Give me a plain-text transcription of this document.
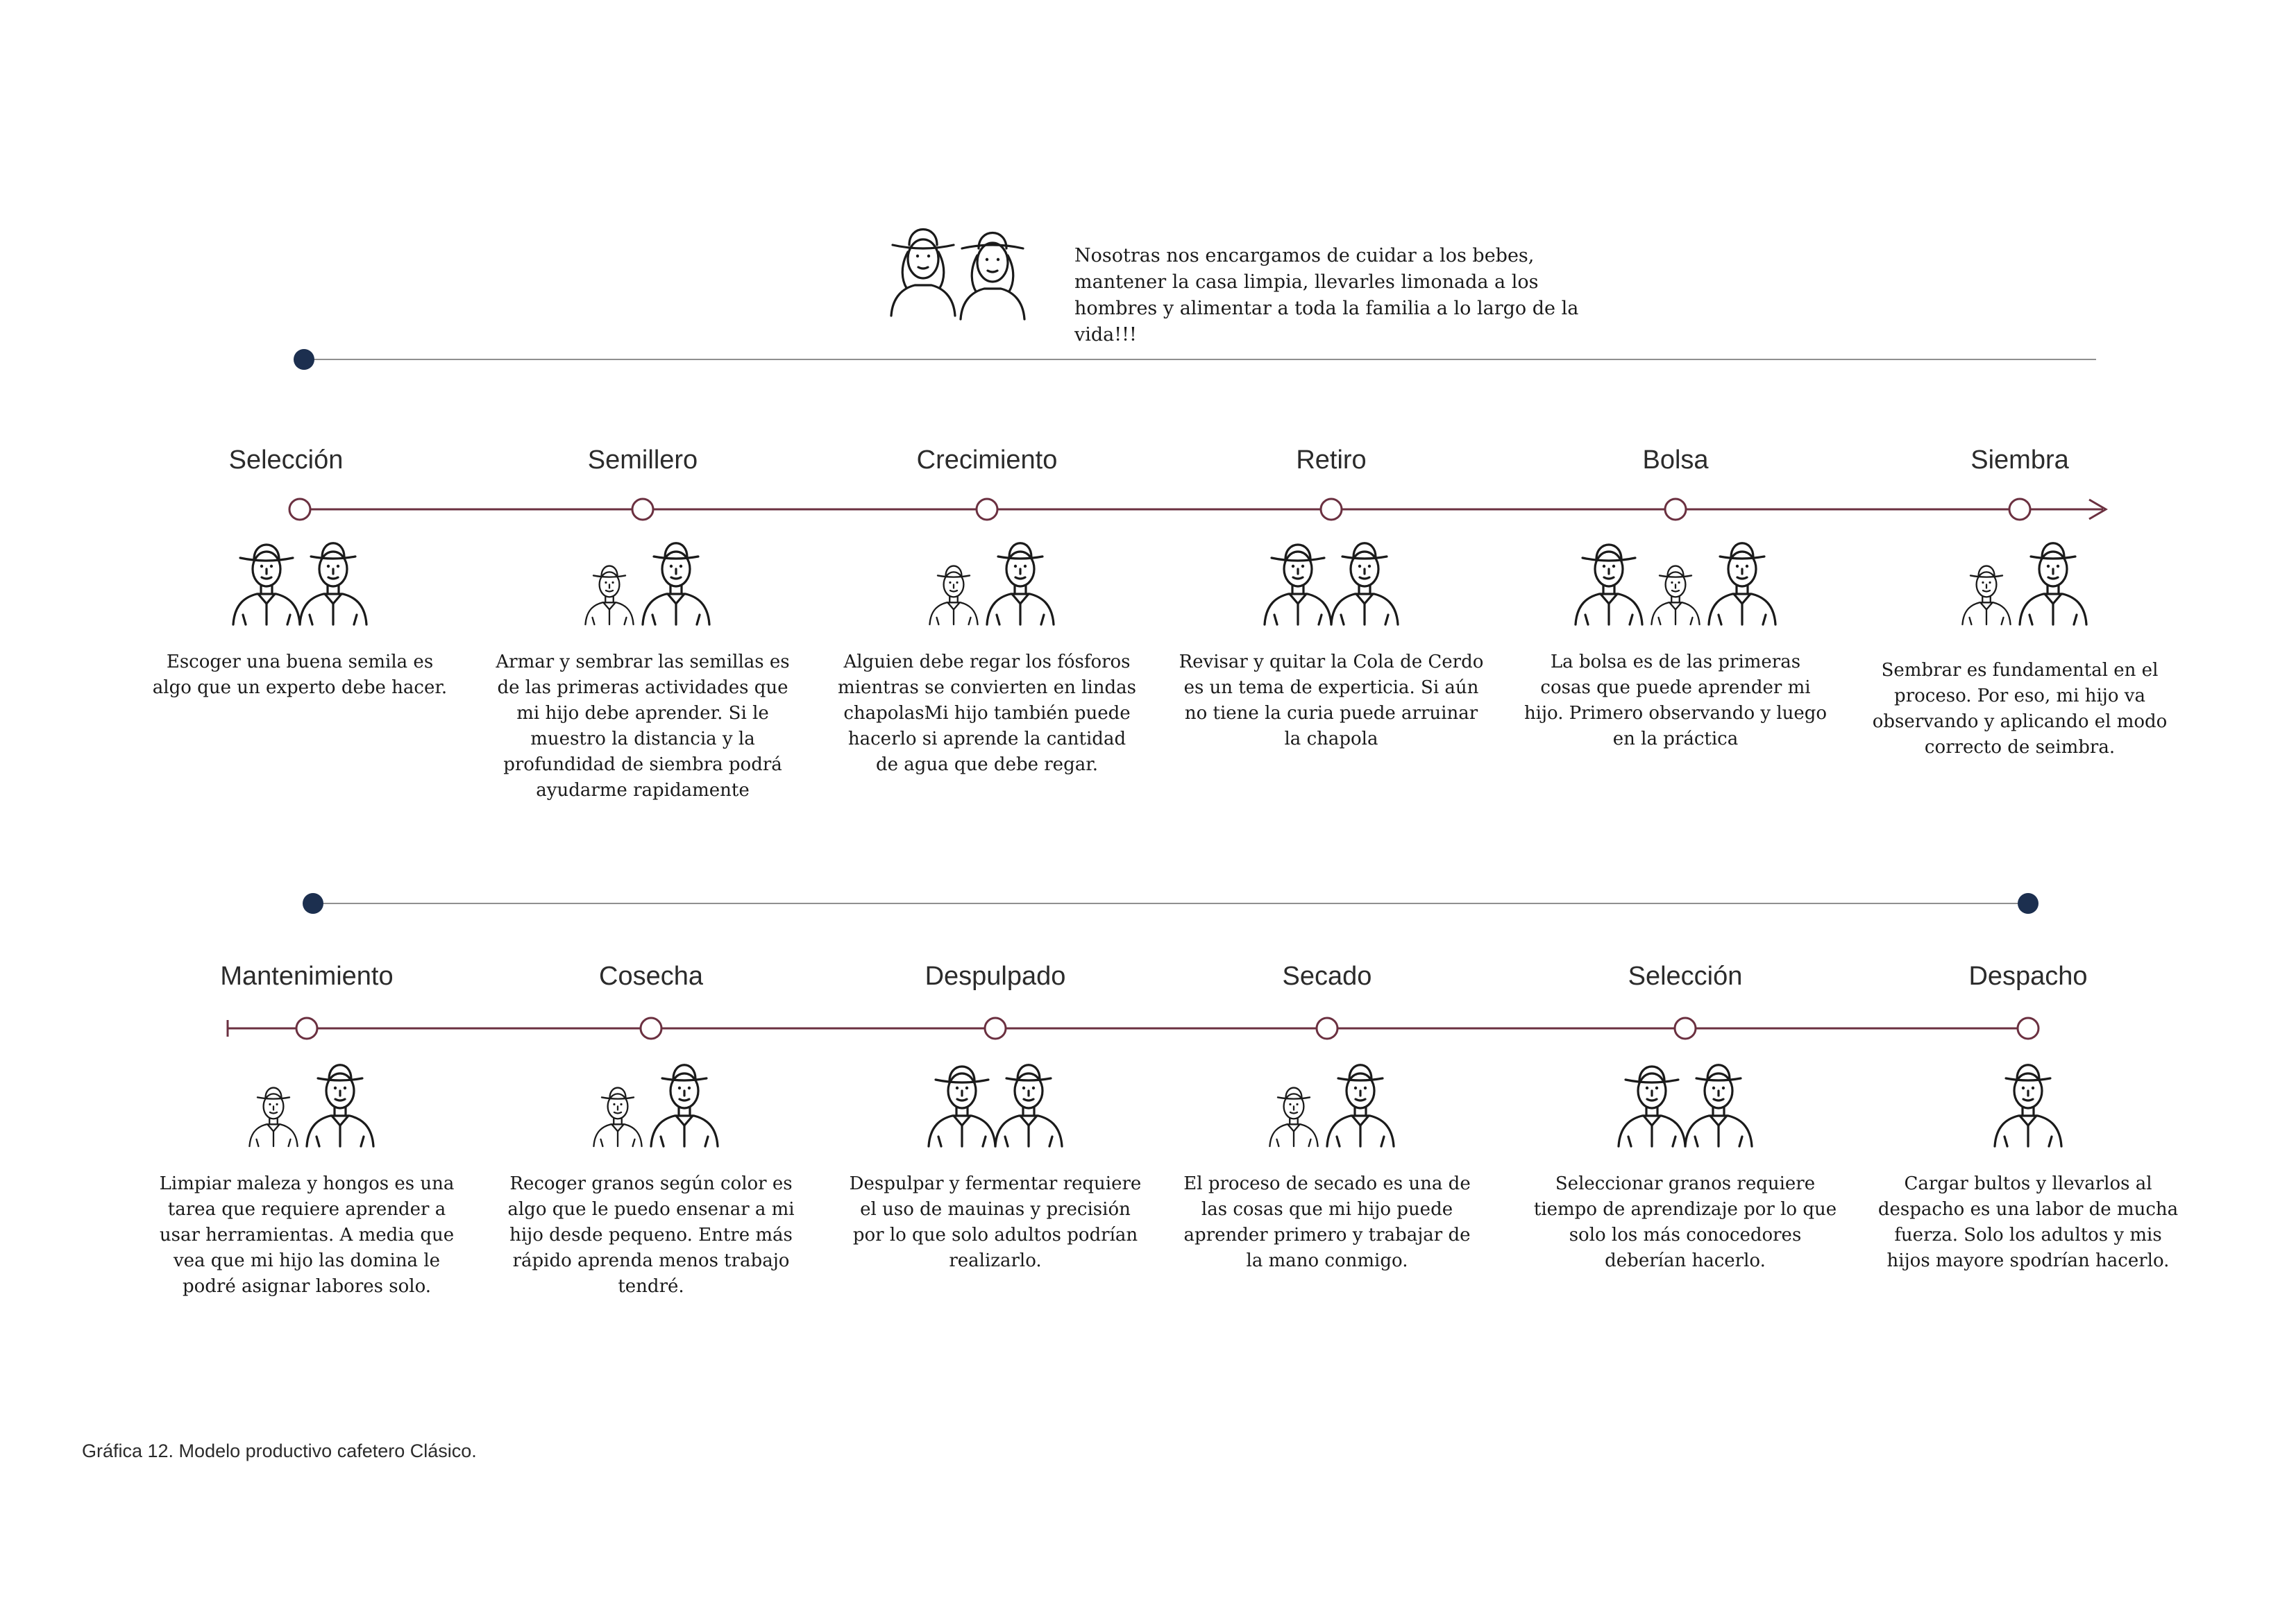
Nosotras nos encargamos de cuidar a los bebes, mantener la casa limpia, llevarles limonada a los hombres y alimentar a toda la familia a lo largo de la vida!!!
Selección
Escoger una buena semila es algo que un experto debe hacer.
Semillero
Armar y sembrar las semillas es de las primeras actividades que mi hijo debe aprender. Si le muestro la distancia y la profundidad de siembra podrá ayudarme rapidamente
Crecimiento
Alguien debe regar los fósforos mientras se convierten en lindas chapolasMi hijo también puede hacerlo si aprende la cantidad de agua que debe regar.
Retiro
Revisar y quitar la Cola de Cerdo es un tema de experticia. Si aún no tiene la curia puede arruinar la chapola
Bolsa
La bolsa es de las primeras cosas que puede aprender mi hijo. Primero observando y luego en la práctica
Siembra
Sembrar es fundamental en el proceso. Por eso, mi hijo va observando y aplicando el modo correcto de seimbra.
Mantenimiento
Limpiar maleza y hongos es una tarea que requiere aprender a usar herramientas. A media que vea que mi hijo las domina le podré asignar labores solo.
Cosecha
Recoger granos según color es algo que le puedo ensenar a mi hijo desde pequeno. Entre más rápido aprenda menos trabajo tendré.
Despulpado
Despulpar y fermentar requiere el uso de mauinas y precisión por lo que solo adultos podrían realizarlo.
Secado
El proceso de secado es una de las cosas que mi hijo puede aprender primero y trabajar de la mano conmigo.
Selección
Seleccionar granos requiere tiempo de aprendizaje por lo que solo los más conocedores deberían hacerlo.
Despacho
Cargar bultos y llevarlos al despacho es una labor de mucha fuerza. Solo los adultos y mis hijos mayore spodrían hacerlo.
Gráfica 12. Modelo productivo cafetero Clásico.
